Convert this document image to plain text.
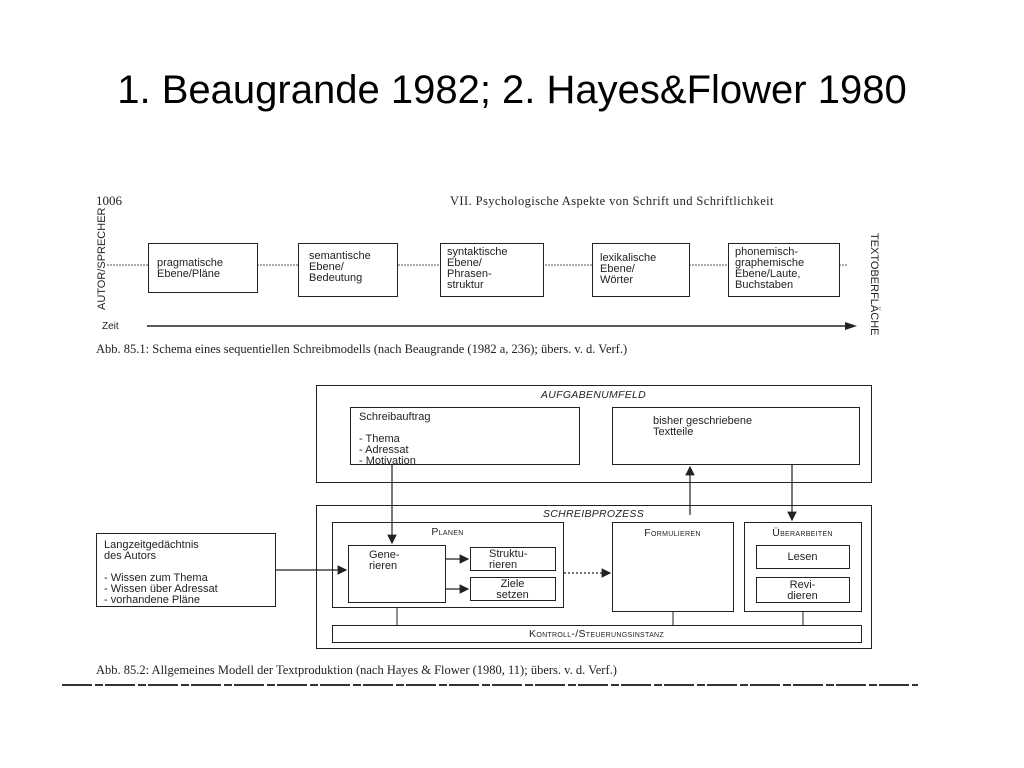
1. Beaugrande 1982; 2. Hayes&Flower 1980
1006	VII. Psychologische Aspekte von Schrift und Schriftlichkeit
AUTOR/SPRECHER	TEXTOBERFLÄCHE
pragmatische
Ebene/Pläne
semantische
Ebene/
Bedeutung
syntaktische
Ebene/
Phrasen-
struktur
lexikalische
Ebene/
Wörter
phonemisch-
graphemische
Ebene/Laute,
Buchstaben
Zeit
Abb. 85.1: Schema eines sequentiellen Schreibmodells (nach Beaugrande (1982 a, 236); übers. v. d. Verf.)
AUFGABENUMFELD
Schreibauftrag

- Thema
- Adressat
- Motivation
bisher geschriebene
Textteile
Langzeitgedächtnis
des Autors

- Wissen zum Thema
- Wissen über Adressat
- vorhandene Pläne
SCHREIBPROZESS
Planen
Gene-
rieren
Struktu-
rieren
Ziele
setzen
Formulieren	Überarbeiten
Lesen
Revi-
dieren
Kontroll-/Steuerungsinstanz
Abb. 85.2: Allgemeines Modell der Textproduktion (nach Hayes & Flower (1980, 11); übers. v. d. Verf.)
